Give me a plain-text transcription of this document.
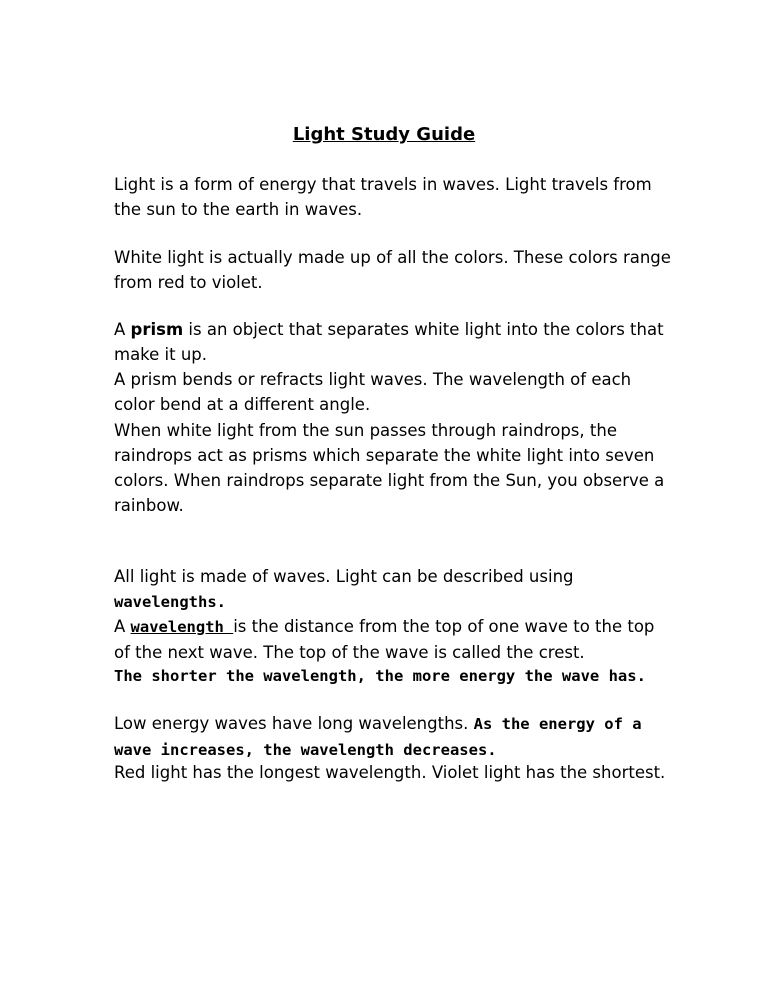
Light Study Guide

Light is a form of energy that travels in waves. Light travels from the sun to the earth in waves.

White light is actually made up of all the colors. These colors range from red to violet.

A prism is an object that separates white light into the colors that make it up.

A prism bends or refracts light waves. The wavelength of each color bend at a different angle.

When white light from the sun passes through raindrops, the raindrops act as prisms which separate the white light into seven colors. When raindrops separate light from the Sun, you observe a rainbow.

All light is made of waves. Light can be described using wavelengths.

A wavelength is the distance from the top of one wave to the top of the next wave. The top of the wave is called the crest.

The shorter the wavelength, the more energy the wave has.

Low energy waves have long wavelengths. As the energy of a wave increases, the wavelength decreases.

Red light has the longest wavelength. Violet light has the shortest.
